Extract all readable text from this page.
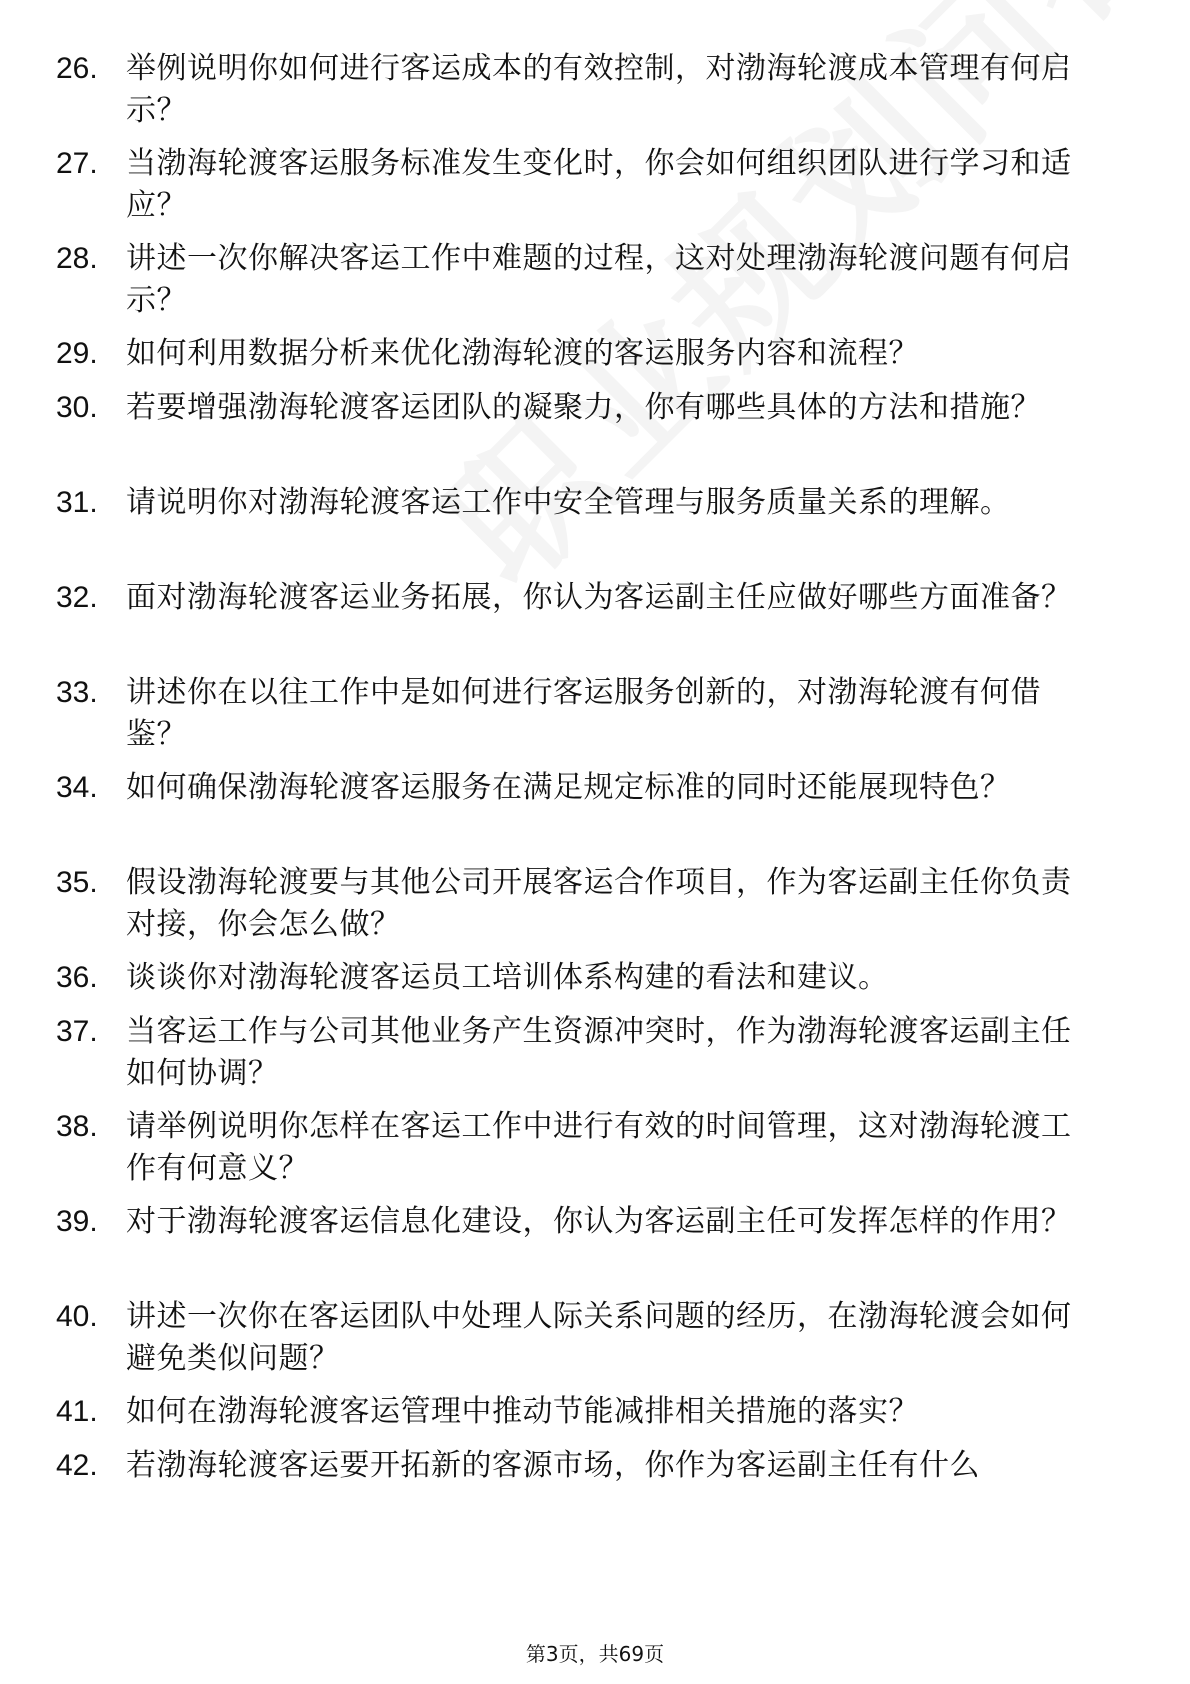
26. 举例说明你如何进行客运成本的有效控制，对渤海轮渡成本管理有何启示？
27. 当渤海轮渡客运服务标准发生变化时，你会如何组织团队进行学习和适应？
28. 讲述一次你解决客运工作中难题的过程，这对处理渤海轮渡问题有何启示？
29. 如何利用数据分析来优化渤海轮渡的客运服务内容和流程？
30. 若要增强渤海轮渡客运团队的凝聚力，你有哪些具体的方法和措施？
31. 请说明你对渤海轮渡客运工作中安全管理与服务质量关系的理解。
32. 面对渤海轮渡客运业务拓展，你认为客运副主任应做好哪些方面准备？
33. 讲述你在以往工作中是如何进行客运服务创新的，对渤海轮渡有何借鉴？
34. 如何确保渤海轮渡客运服务在满足规定标准的同时还能展现特色？
35. 假设渤海轮渡要与其他公司开展客运合作项目，作为客运副主任你负责对接，你会怎么做？
36. 谈谈你对渤海轮渡客运员工培训体系构建的看法和建议。
37. 当客运工作与公司其他业务产生资源冲突时，作为渤海轮渡客运副主任如何协调？
38. 请举例说明你怎样在客运工作中进行有效的时间管理，这对渤海轮渡工作有何意义？
39. 对于渤海轮渡客运信息化建设，你认为客运副主任可发挥怎样的作用？
40. 讲述一次你在客运团队中处理人际关系问题的经历，在渤海轮渡会如何避免类似问题？
41. 如何在渤海轮渡客运管理中推动节能减排相关措施的落实？
42. 若渤海轮渡客运要开拓新的客源市场，你作为客运副主任有什么
第3页，共69页
